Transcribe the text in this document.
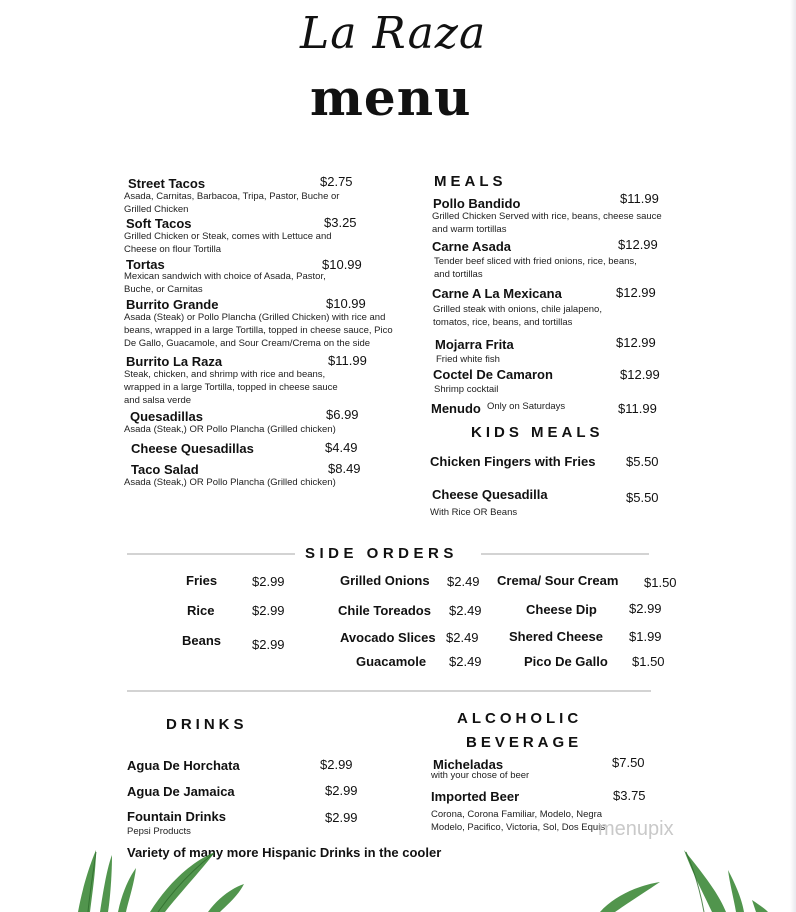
La Raza
menu
Street Tacos	$2.75
Asada, Carnitas, Barbacoa, Tripa, Pastor, Buche or Grilled Chicken
Soft Tacos	$3.25
Grilled Chicken or Steak, comes with Lettuce and Cheese on flour Tortilla
Tortas	$10.99
Mexican sandwich with choice of Asada, Pastor, Buche, or Carnitas
Burrito Grande	$10.99
Asada (Steak) or Pollo Plancha (Grilled Chicken) with rice and beans, wrapped in a large Tortilla, topped in cheese sauce, Pico De Gallo, Guacamole, and Sour Cream/Crema on the side
Burrito La Raza	$11.99
Steak, chicken, and shrimp with rice and beans, wrapped in a large Tortilla, topped in cheese sauce and salsa verde
Quesadillas	$6.99
Asada (Steak,) OR Pollo Plancha (Grilled chicken)
Cheese Quesadillas	$4.49
Taco Salad	$8.49
Asada (Steak,) OR Pollo Plancha (Grilled chicken)
MEALS
Pollo Bandido	$11.99
Grilled Chicken Served with rice, beans, cheese sauce and warm tortillas
Carne Asada	$12.99
Tender beef sliced with fried onions, rice, beans, and tortillas
Carne A La Mexicana	$12.99
Grilled steak with onions, chile jalapeno, tomatos, rice, beans, and tortillas
Mojarra Frita	$12.99
Fried white fish
Coctel De Camaron	$12.99
Shrimp cocktail
Menudo Only on Saturdays	$11.99
KIDS MEALS
Chicken Fingers with Fries $5.50
Cheese Quesadilla	$5.50
With Rice OR Beans
SIDE ORDERS
Fries	$2.99
Rice	$2.99
Beans $2.99
Grilled Onions $2.49
Chile Toreados $2.49
Avocado Slices $2.49
Guacamole $2.49
Crema/ Sour Cream $1.50
Cheese Dip $2.99
Shered Cheese $1.99
Pico De Gallo $1.50
DRINKS
Agua De Horchata	$2.99
Agua De Jamaica	$2.99
Fountain Drinks	$2.99
Pepsi Products
Variety of many more Hispanic Drinks in the cooler
ALCOHOLIC
BEVERAGE
Micheladas	$7.50
with your chose of beer
Imported Beer	$3.75
Corona, Corona Familiar, Modelo, Negra Modelo, Pacifico, Victoria, Sol, Dos Equis
menupix
